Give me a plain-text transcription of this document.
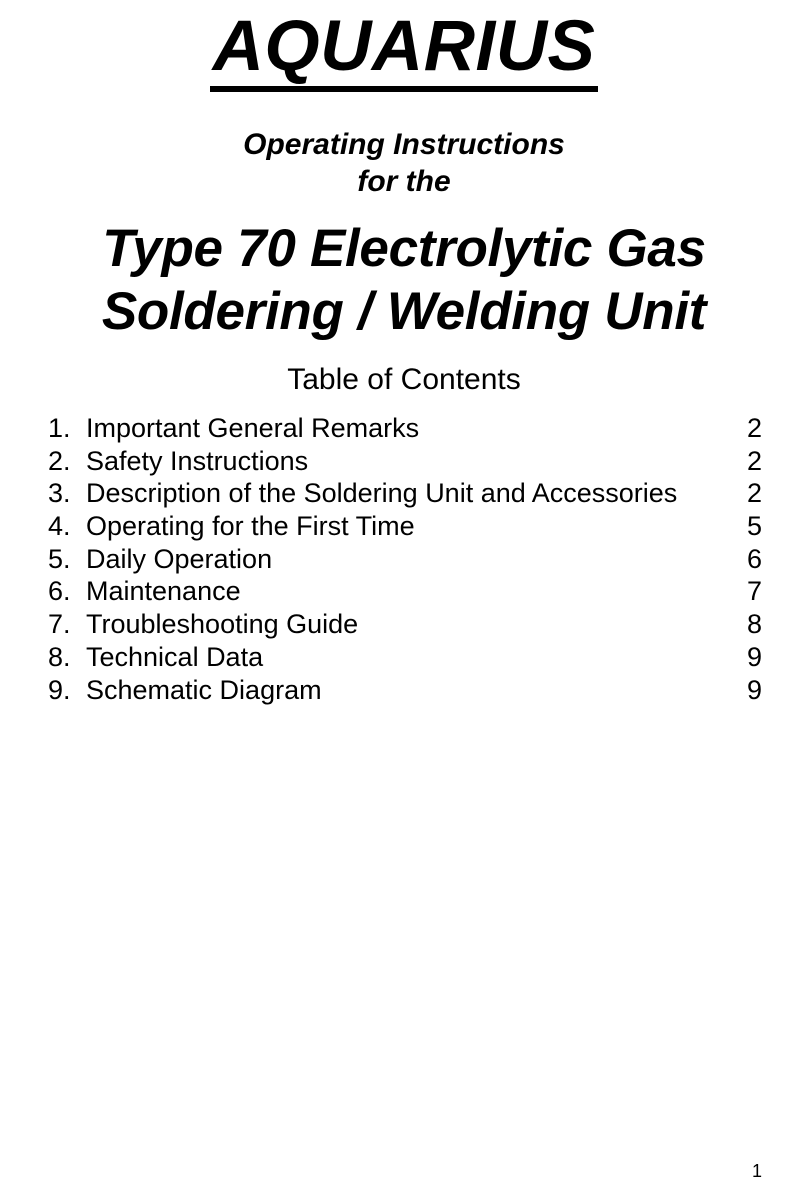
AQUARIUS
Operating Instructions
for the
Type 70 Electrolytic Gas
Soldering / Welding Unit
Table of Contents
1. Important General Remarks	2
2. Safety Instructions	2
3. Description of the Soldering Unit and Accessories	2
4. Operating for the First Time	5
5. Daily Operation	6
6. Maintenance	7
7. Troubleshooting Guide	8
8. Technical Data	9
9. Schematic Diagram	9
1
